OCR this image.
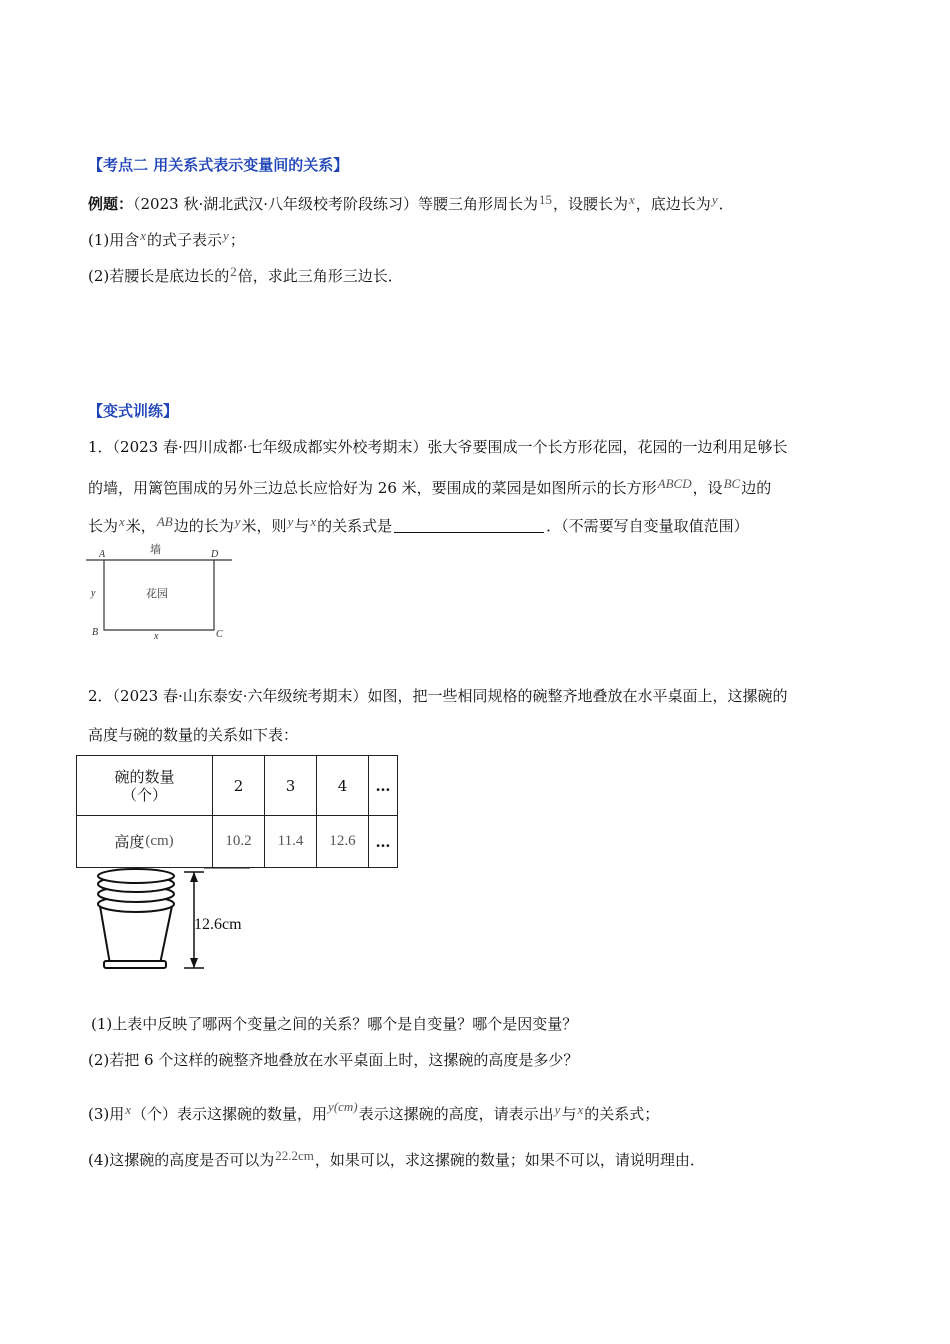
【考点二 用关系式表示变量间的关系】
例题：（2023 秋·湖北武汉·八年级校考阶段练习）等腰三角形周长为15，设腰长为x，底边长为y．
(1)用含x的式子表示y；
(2)若腰长是底边长的2倍，求此三角形三边长．
【变式训练】
1．（2023 春·四川成都·七年级成都实外校考期末）张大爷要围成一个长方形花园，花园的一边利用足够长
的墙，用篱笆围成的另外三边总长应恰好为 26 米，要围成的菜园是如图所示的长方形ABCD，设BC边的
长为x米，AB边的长为y米，则y与x的关系式是	．（不需要写自变量取值范围）
墙
花园
A	D
B	C
y
x
2．（2023 春·山东泰安·六年级统考期末）如图，把一些相同规格的碗整齐地叠放在水平桌面上，这摞碗的
高度与碗的数量的关系如下表：
碗的数量
（个）	2	3	4	…
高度(cm)	10.2	11.4	12.6	…
12.6cm
(1)上表中反映了哪两个变量之间的关系？哪个是自变量？哪个是因变量？
(2)若把 6 个这样的碗整齐地叠放在水平桌面上时，这摞碗的高度是多少？
(3)用x（个）表示这摞碗的数量，用y(cm)表示这摞碗的高度，请表示出y与x的关系式；
(4)这摞碗的高度是否可以为22.2cm，如果可以，求这摞碗的数量；如果不可以，请说明理由．
